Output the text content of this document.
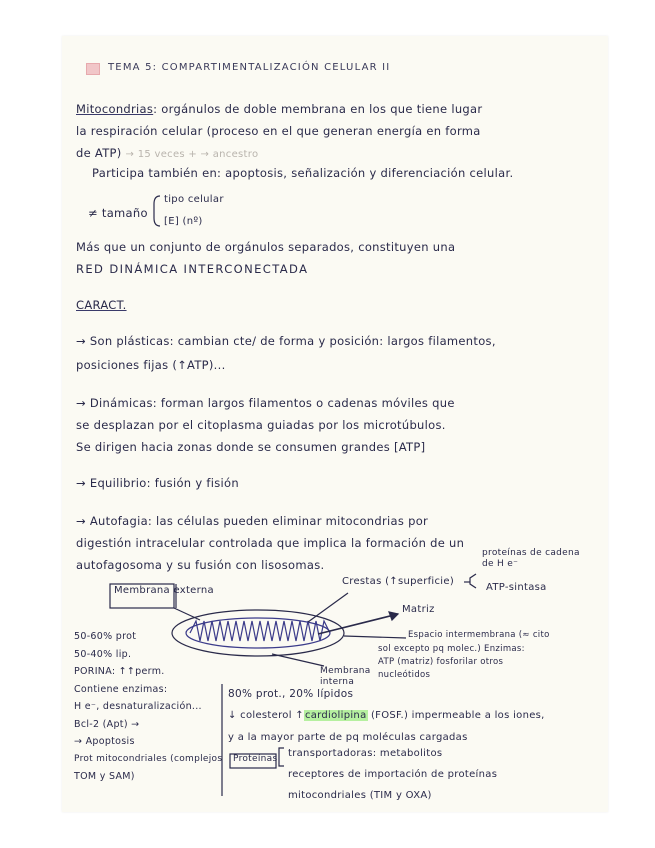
TEMA 5: COMPARTIMENTALIZACIÓN CELULAR II
Mitocondrias: orgánulos de doble membrana en los que tiene lugar
la respiración celular (proceso en el que generan energía en forma
de ATP) → 15 veces + → ancestro
Participa también en: apoptosis, señalización y diferenciación celular.
≠ tamaño
tipo celular
[E] (nº)
Más que un conjunto de orgánulos separados, constituyen una
RED DINÁMICA INTERCONECTADA
CARACT.
→ Son plásticas: cambian cte/ de forma y posición: largos filamentos,
posiciones fijas (↑ATP)...
→ Dinámicas: forman largos filamentos o cadenas móviles que
se desplazan por el citoplasma guiadas por los microtúbulos.
Se dirigen hacia zonas donde se consumen grandes [ATP]
→ Equilibrio: fusión y fisión
→ Autofagia: las células pueden eliminar mitocondrias por
digestión intracelular controlada que implica la formación de un
autofagosoma y su fusión con lisosomas.
Membrana externa
Crestas (↑superficie)
proteínas de cadena de H e⁻
ATP-sintasa
Matriz
Espacio intermembrana (≈ cito
sol excepto pq molec.) Enzimas:
ATP (matriz) fosforilar otros
nucleótidos
Membrana interna
50-60% prot
50-40% lip.
PORINA: ↑↑perm.
Contiene enzimas:
H e⁻, desnaturalización...
Bcl-2 (Apt) →
→ Apoptosis
Prot mitocondriales (complejos
TOM y SAM)
80% prot., 20% lípidos
↓ colesterol ↑cardiolipina (FOSF.) impermeable a los iones,
y a la mayor parte de pq moléculas cargadas
Proteínas transportadoras: metabolitos
receptores de importación de proteínas
mitocondriales (TIM y OXA)
